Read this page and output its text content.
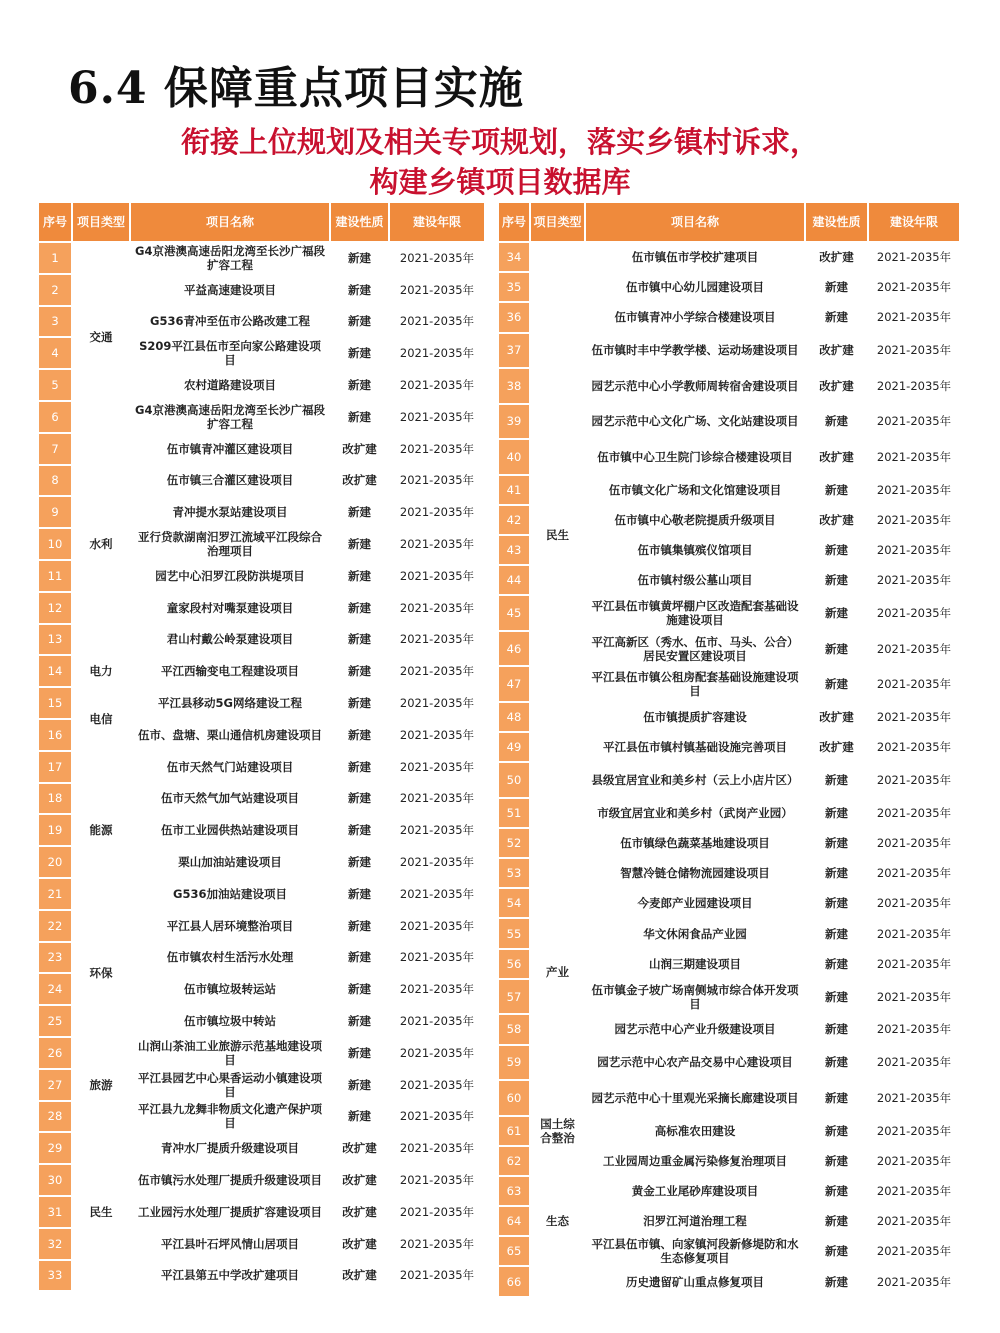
6.4 保障重点项目实施
衔接上位规划及相关专项规划，落实乡镇村诉求，
构建乡镇项目数据库
序号	项目类型	项目名称	建设性质	建设年限
1	交通	G4京港澳高速岳阳龙湾至长沙广福段扩容工程	新建	2021-2035年
2		平益高速建设项目	新建	2021-2035年
3		G536青冲至伍市公路改建工程	新建	2021-2035年
4		S209平江县伍市至向家公路建设项目	新建	2021-2035年
5		农村道路建设项目	新建	2021-2035年
6		G4京港澳高速岳阳龙湾至长沙广福段扩容工程	新建	2021-2035年
7	水利	伍市镇青冲灌区建设项目	改扩建	2021-2035年
8		伍市镇三合灌区建设项目	改扩建	2021-2035年
9		青冲提水泵站建设项目	新建	2021-2035年
10		亚行贷款湖南汨罗江流域平江段综合治理项目	新建	2021-2035年
11		园艺中心汨罗江段防洪堤项目	新建	2021-2035年
12		童家段村对嘴泵建设项目	新建	2021-2035年
13		君山村戴公岭泵建设项目	新建	2021-2035年
14	电力	平江西输变电工程建设项目	新建	2021-2035年
15	电信	平江县移动5G网络建设工程	新建	2021-2035年
16		伍市、盘塘、栗山通信机房建设项目	新建	2021-2035年
17	能源	伍市天然气门站建设项目	新建	2021-2035年
18		伍市天然气加气站建设项目	新建	2021-2035年
19		伍市工业园供热站建设项目	新建	2021-2035年
20		栗山加油站建设项目	新建	2021-2035年
21		G536加油站建设项目	新建	2021-2035年
22	环保	平江县人居环境整治项目	新建	2021-2035年
23		伍市镇农村生活污水处理	新建	2021-2035年
24		伍市镇垃圾转运站	新建	2021-2035年
25		伍市镇垃圾中转站	新建	2021-2035年
26	旅游	山润山茶油工业旅游示范基地建设项目	新建	2021-2035年
27		平江县园艺中心果香运动小镇建设项目	新建	2021-2035年
28		平江县九龙舞非物质文化遗产保护项目	新建	2021-2035年
29	民生	青冲水厂提质升级建设项目	改扩建	2021-2035年
30		伍市镇污水处理厂提质升级建设项目	改扩建	2021-2035年
31		工业园污水处理厂提质扩容建设项目	改扩建	2021-2035年
32		平江县叶石坪风情山居项目	改扩建	2021-2035年
33		平江县第五中学改扩建项目	改扩建	2021-2035年
序号	项目类型	项目名称	建设性质	建设年限
34	民生	伍市镇伍市学校扩建项目	改扩建	2021-2035年
35		伍市镇中心幼儿园建设项目	新建	2021-2035年
36		伍市镇青冲小学综合楼建设项目	新建	2021-2035年
37		伍市镇时丰中学教学楼、运动场建设项目	改扩建	2021-2035年
38		园艺示范中心小学教师周转宿舍建设项目	改扩建	2021-2035年
39		园艺示范中心文化广场、文化站建设项目	新建	2021-2035年
40		伍市镇中心卫生院门诊综合楼建设项目	改扩建	2021-2035年
41		伍市镇文化广场和文化馆建设项目	新建	2021-2035年
42		伍市镇中心敬老院提质升级项目	改扩建	2021-2035年
43		伍市镇集镇殡仪馆项目	新建	2021-2035年
44		伍市镇村级公墓山项目	新建	2021-2035年
45		平江县伍市镇黄坪棚户区改造配套基础设施建设项目	新建	2021-2035年
46		平江高新区（秀水、伍市、马头、公合）居民安置区建设项目	新建	2021-2035年
47		平江县伍市镇公租房配套基础设施建设项目	新建	2021-2035年
48		伍市镇提质扩容建设	改扩建	2021-2035年
49		平江县伍市镇村镇基础设施完善项目	改扩建	2021-2035年
50		县级宜居宜业和美乡村（云上小店片区）	新建	2021-2035年
51		市级宜居宜业和美乡村（武岗产业园）	新建	2021-2035年
52	产业	伍市镇绿色蔬菜基地建设项目	新建	2021-2035年
53		智慧冷链仓储物流园建设项目	新建	2021-2035年
54		今麦郎产业园建设项目	新建	2021-2035年
55		华文休闲食品产业园	新建	2021-2035年
56		山润三期建设项目	新建	2021-2035年
57		伍市镇金子坡广场南侧城市综合体开发项目	新建	2021-2035年
58		园艺示范中心产业升级建设项目	新建	2021-2035年
59		园艺示范中心农产品交易中心建设项目	新建	2021-2035年
60		园艺示范中心十里观光采摘长廊建设项目	新建	2021-2035年
61	国土综合整治	高标准农田建设	新建	2021-2035年
62	生态	工业园周边重金属污染修复治理项目	新建	2021-2035年
63		黄金工业尾砂库建设项目	新建	2021-2035年
64		汨罗江河道治理工程	新建	2021-2035年
65		平江县伍市镇、向家镇河段新修堤防和水生态修复项目	新建	2021-2035年
66		历史遗留矿山重点修复项目	新建	2021-2035年
